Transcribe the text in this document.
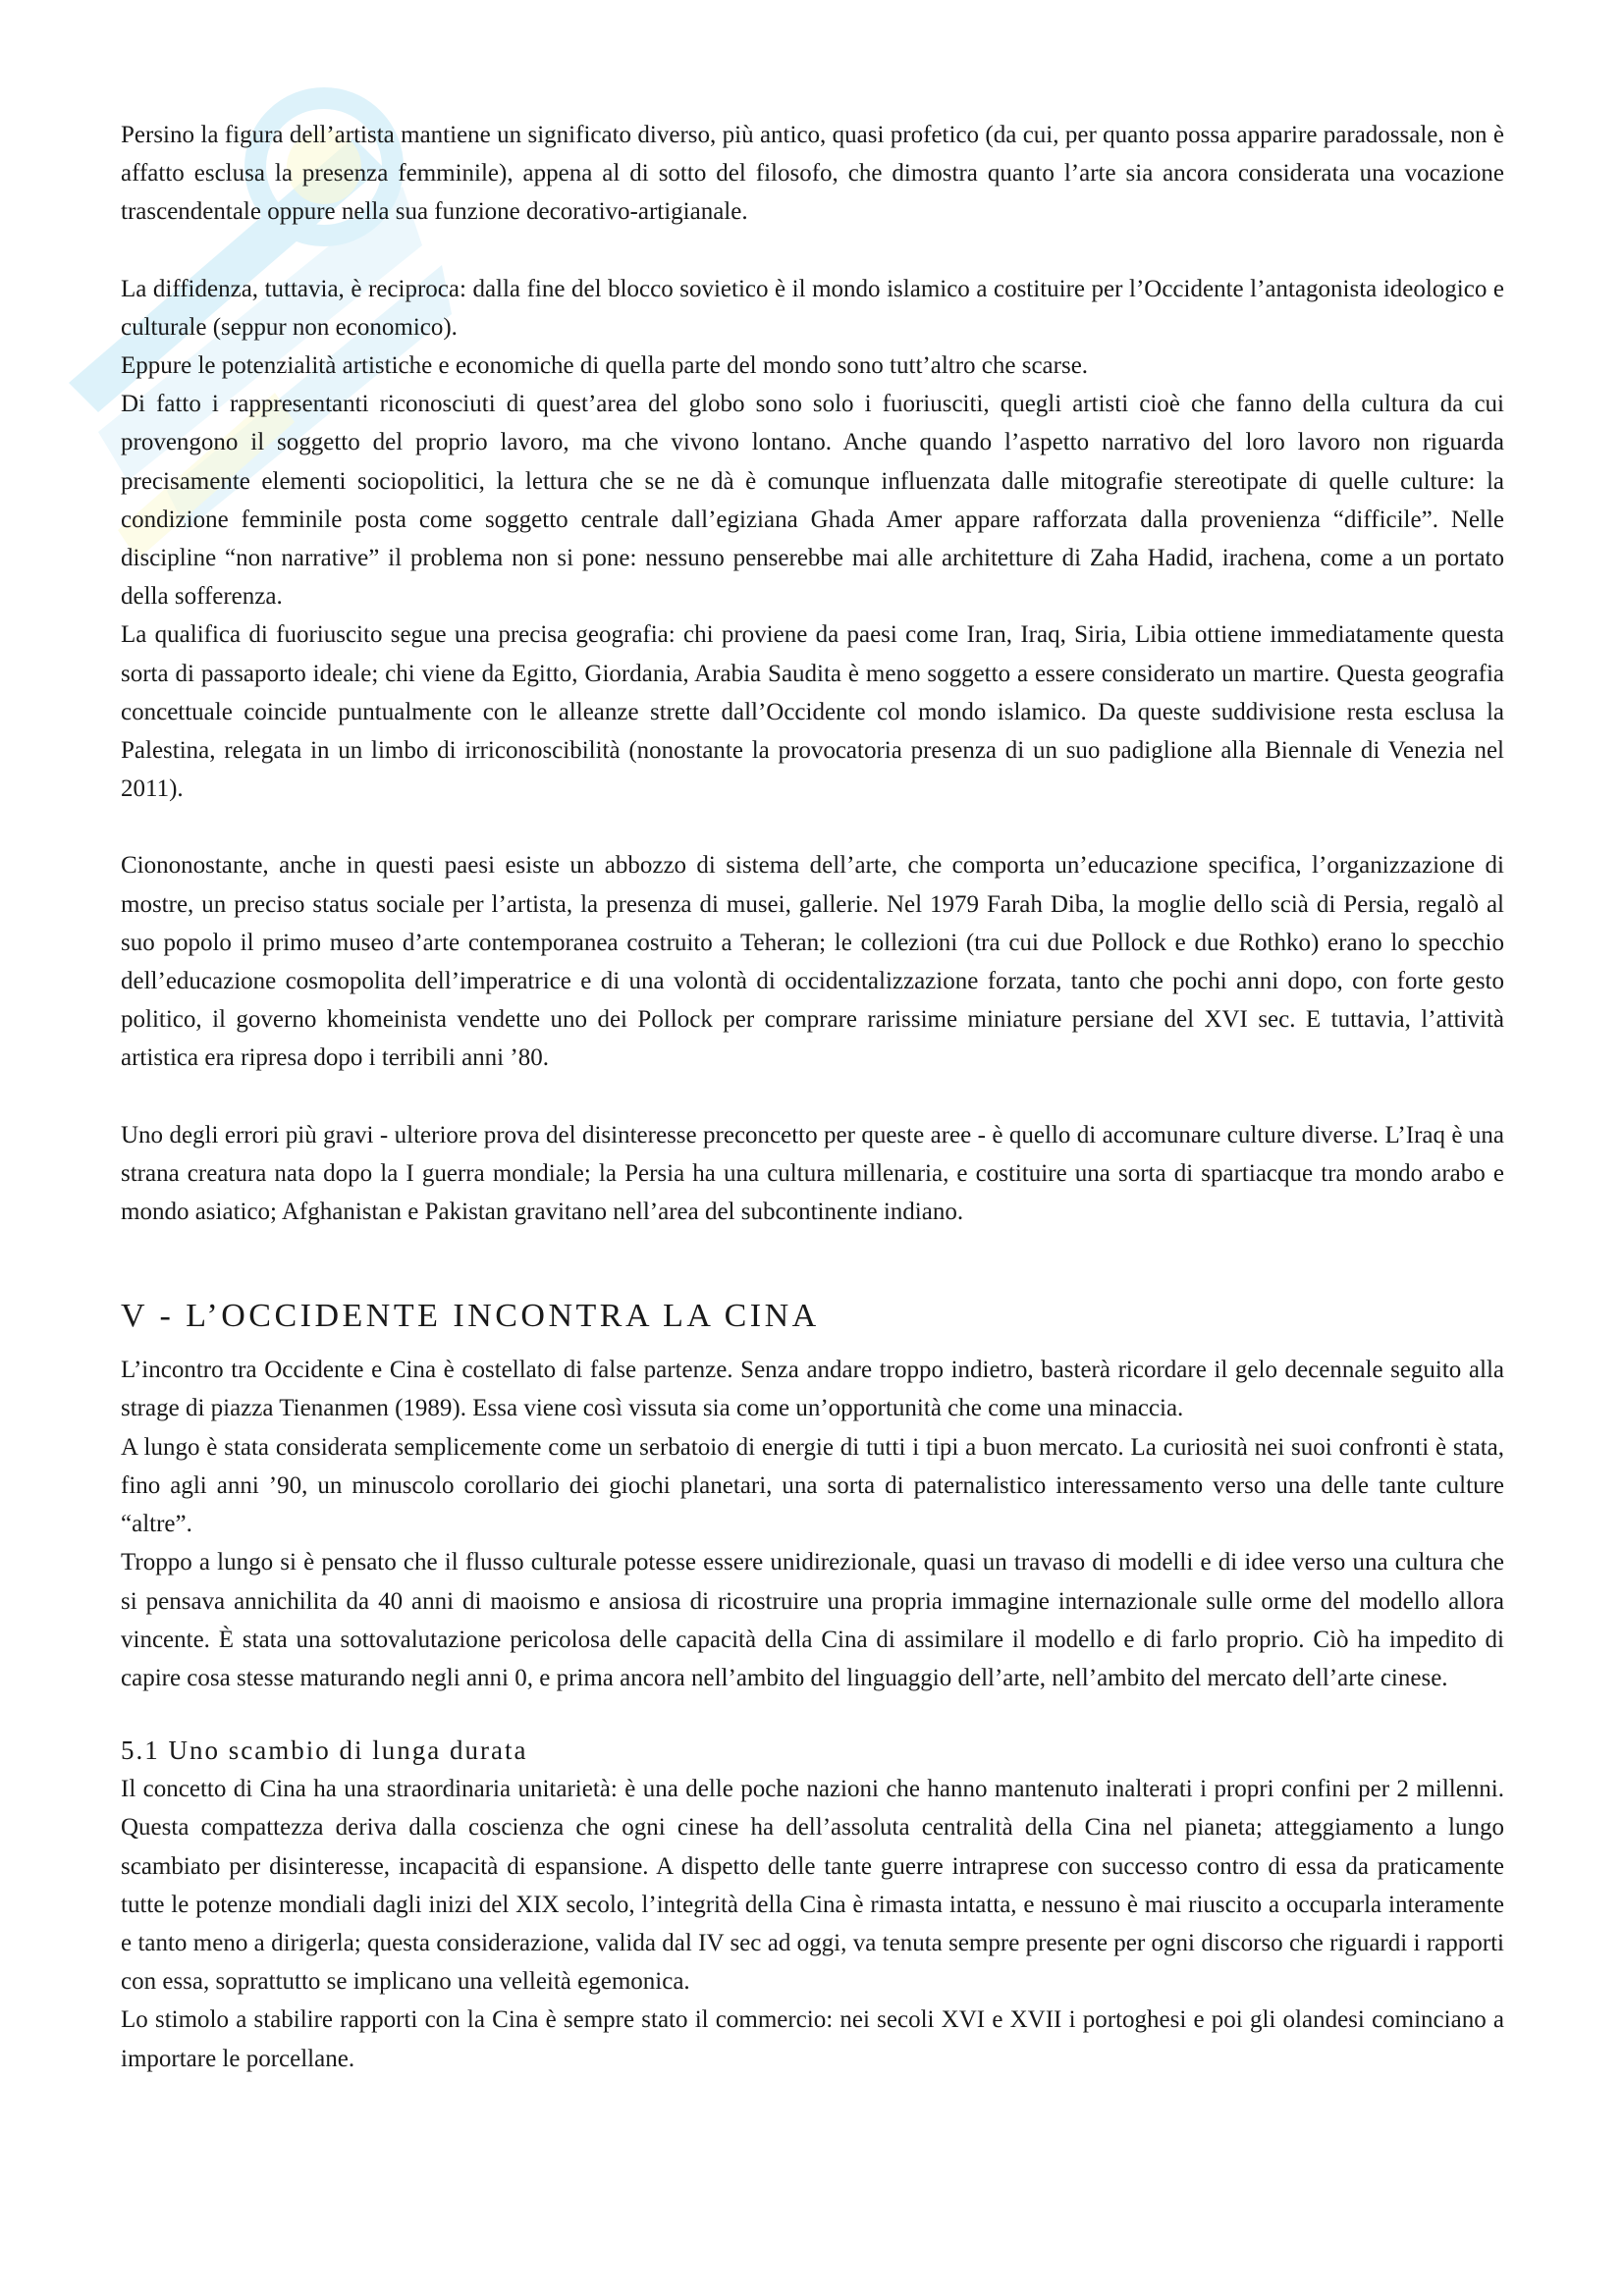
Persino la figura dell’artista mantiene un significato diverso, più antico, quasi profetico (da cui, per quanto possa apparire paradossale, non è affatto esclusa la presenza femminile), appena al di sotto del filosofo, che dimostra quanto l’arte sia ancora considerata una vocazione trascendentale oppure nella sua funzione decorativo-artigianale.

La diffidenza, tuttavia, è reciproca: dalla fine del blocco sovietico è il mondo islamico a costituire per l’Occidente l’antagonista ideologico e culturale (seppur non economico).

Eppure le potenzialità artistiche e economiche di quella parte del mondo sono tutt’altro che scarse.

Di fatto i rappresentanti riconosciuti di quest’area del globo sono solo i fuoriusciti, quegli artisti cioè che fanno della cultura da cui provengono il soggetto del proprio lavoro, ma che vivono lontano. Anche quando l’aspetto narrativo del loro lavoro non riguarda precisamente elementi sociopolitici, la lettura che se ne dà è comunque influenzata dalle mitografie stereotipate di quelle culture: la condizione femminile posta come soggetto centrale dall’egiziana Ghada Amer appare rafforzata dalla provenienza “difficile”. Nelle discipline “non narrative” il problema non si pone: nessuno penserebbe mai alle architetture di Zaha Hadid, irachena, come a un portato della sofferenza.

La qualifica di fuoriuscito segue una precisa geografia: chi proviene da paesi come Iran, Iraq, Siria, Libia ottiene immediatamente questa sorta di passaporto ideale; chi viene da Egitto, Giordania, Arabia Saudita è meno soggetto a essere considerato un martire. Questa geografia concettuale coincide puntualmente con le alleanze strette dall’Occidente col mondo islamico. Da queste suddivisione resta esclusa la Palestina, relegata in un limbo di irriconoscibilità (nonostante la provocatoria presenza di un suo padiglione alla Biennale di Venezia nel 2011).

Ciononostante, anche in questi paesi esiste un abbozzo di sistema dell’arte, che comporta un’educazione specifica, l’organizzazione di mostre, un preciso status sociale per l’artista, la presenza di musei, gallerie. Nel 1979 Farah Diba, la moglie dello scià di Persia, regalò al suo popolo il primo museo d’arte contemporanea costruito a Teheran; le collezioni (tra cui due Pollock e due Rothko) erano lo specchio dell’educazione cosmopolita dell’imperatrice e di una volontà di occidentalizzazione forzata, tanto che pochi anni dopo, con forte gesto politico, il governo khomeinista vendette uno dei Pollock per comprare rarissime miniature persiane del XVI sec. E tuttavia, l’attività artistica era ripresa dopo i terribili anni ’80.

Uno degli errori più gravi - ulteriore prova del disinteresse preconcetto per queste aree - è quello di accomunare culture diverse. L’Iraq è una strana creatura nata dopo la I guerra mondiale; la Persia ha una cultura millenaria, e costituire una sorta di spartiacque tra mondo arabo e mondo asiatico; Afghanistan e Pakistan gravitano nell’area del subcontinente indiano.

V - L’OCCIDENTE INCONTRA LA CINA

L’incontro tra Occidente e Cina è costellato di false partenze. Senza andare troppo indietro, basterà ricordare il gelo decennale seguito alla strage di piazza Tienanmen (1989). Essa viene così vissuta sia come un’opportunità che come una minaccia.

A lungo è stata considerata semplicemente come un serbatoio di energie di tutti i tipi a buon mercato. La curiosità nei suoi confronti è stata, fino agli anni ’90, un minuscolo corollario dei giochi planetari, una sorta di paternalistico interessamento verso una delle tante culture “altre”.

Troppo a lungo si è pensato che il flusso culturale potesse essere unidirezionale, quasi un travaso di modelli e di idee verso una cultura che si pensava annichilita da 40 anni di maoismo e ansiosa di ricostruire una propria immagine internazionale sulle orme del modello allora vincente. È stata una sottovalutazione pericolosa delle capacità della Cina di assimilare il modello e di farlo proprio. Ciò ha impedito di capire cosa stesse maturando negli anni 0, e prima ancora nell’ambito del linguaggio dell’arte, nell’ambito del mercato dell’arte cinese.

5.1 Uno scambio di lunga durata

Il concetto di Cina ha una straordinaria unitarietà: è una delle poche nazioni che hanno mantenuto inalterati i propri confini per 2 millenni. Questa compattezza deriva dalla coscienza che ogni cinese ha dell’assoluta centralità della Cina nel pianeta; atteggiamento a lungo scambiato per disinteresse, incapacità di espansione. A dispetto delle tante guerre intraprese con successo contro di essa da praticamente tutte le potenze mondiali dagli inizi del XIX secolo, l’integrità della Cina è rimasta intatta, e nessuno è mai riuscito a occuparla interamente e tanto meno a dirigerla; questa considerazione, valida dal IV sec ad oggi, va tenuta sempre presente per ogni discorso che riguardi i rapporti con essa, soprattutto se implicano una velleità egemonica.

Lo stimolo a stabilire rapporti con la Cina è sempre stato il commercio: nei secoli XVI e XVII i portoghesi e poi gli olandesi cominciano a importare le porcellane.
